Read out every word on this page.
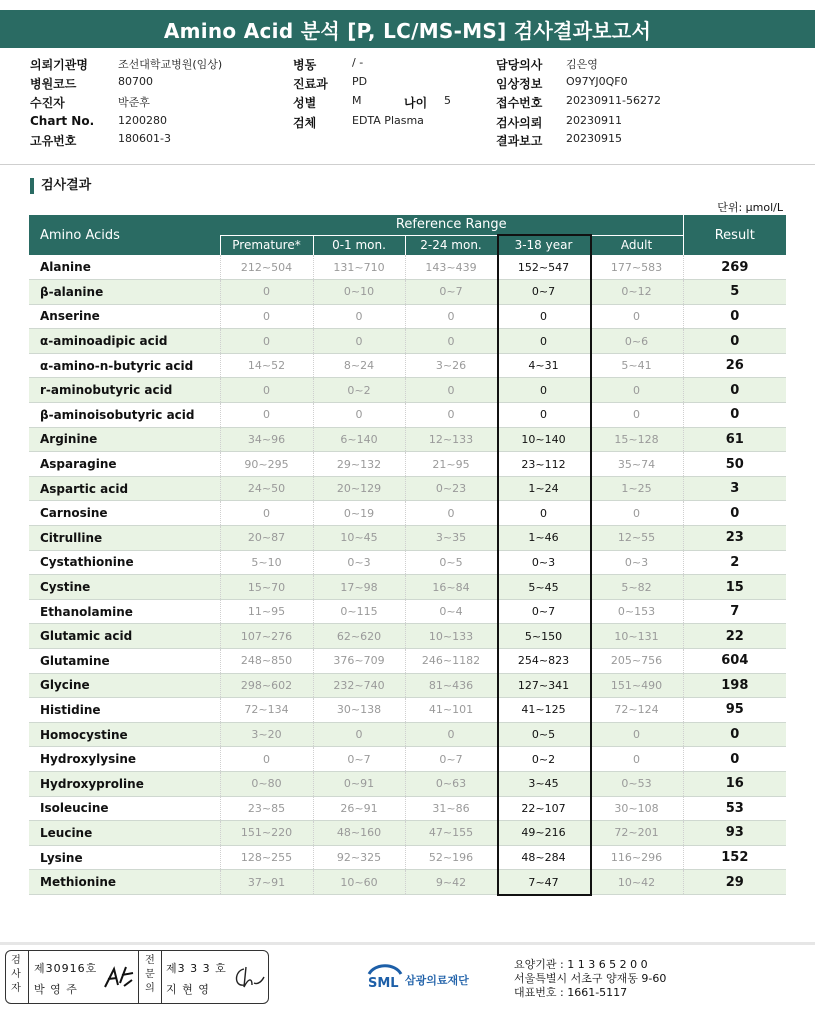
Amino Acid 분석 [P, LC/MS-MS] 검사결과보고서
의뢰기관명	조선대학교병원(임상)	병동	/ -	담당의사 김은영
병원코드	80700	진료과 PD	임상정보 O97YJ0QF0
수진자	박준후	성별	M	나이 5	접수번호 20230911-56272
Chart No. 1200280	검체	EDTA Plasma	검사의뢰 20230911
고유번호	180601-3	결과보고 20230915
검사결과
단위: μmol/L
Amino Acids	Reference Range					Result
	Premature*	0-1 mon.	2-24 mon.	3-18 year	Adult	
Alanine	212~504	131~710	143~439	152~547	177~583	269
β-alanine	0	0~10	0~7	0~7	0~12	5
Anserine	0	0	0	0	0	0
α-aminoadipic acid	0	0	0	0	0~6	0
α-amino-n-butyric acid	14~52	8~24	3~26	4~31	5~41	26
r-aminobutyric acid	0	0~2	0	0	0	0
β-aminoisobutyric acid	0	0	0	0	0	0
Arginine	34~96	6~140	12~133	10~140	15~128	61
Asparagine	90~295	29~132	21~95	23~112	35~74	50
Aspartic acid	24~50	20~129	0~23	1~24	1~25	3
Carnosine	0	0~19	0	0	0	0
Citrulline	20~87	10~45	3~35	1~46	12~55	23
Cystathionine	5~10	0~3	0~5	0~3	0~3	2
Cystine	15~70	17~98	16~84	5~45	5~82	15
Ethanolamine	11~95	0~115	0~4	0~7	0~153	7
Glutamic acid	107~276	62~620	10~133	5~150	10~131	22
Glutamine	248~850	376~709	246~1182	254~823	205~756	604
Glycine	298~602	232~740	81~436	127~341	151~490	198
Histidine	72~134	30~138	41~101	41~125	72~124	95
Homocystine	3~20	0	0	0~5	0	0
Hydroxylysine	0	0~7	0~7	0~2	0	0
Hydroxyproline	0~80	0~91	0~63	3~45	0~53	16
Isoleucine	23~85	26~91	31~86	22~107	30~108	53
Leucine	151~220	48~160	47~155	49~216	72~201	93
Lysine	128~255	92~325	52~196	48~284	116~296	152
Methionine	37~91	10~60	9~42	7~47	10~42	29
검사자
제30916호
박 영 주
전문의
제3 3 3 호
지 현 영	SML 삼광의료재단
요양기관 : 1 1 3 6 5 2 0 0
서울특별시 서초구 양재동 9-60
대표번호 : 1661-5117
